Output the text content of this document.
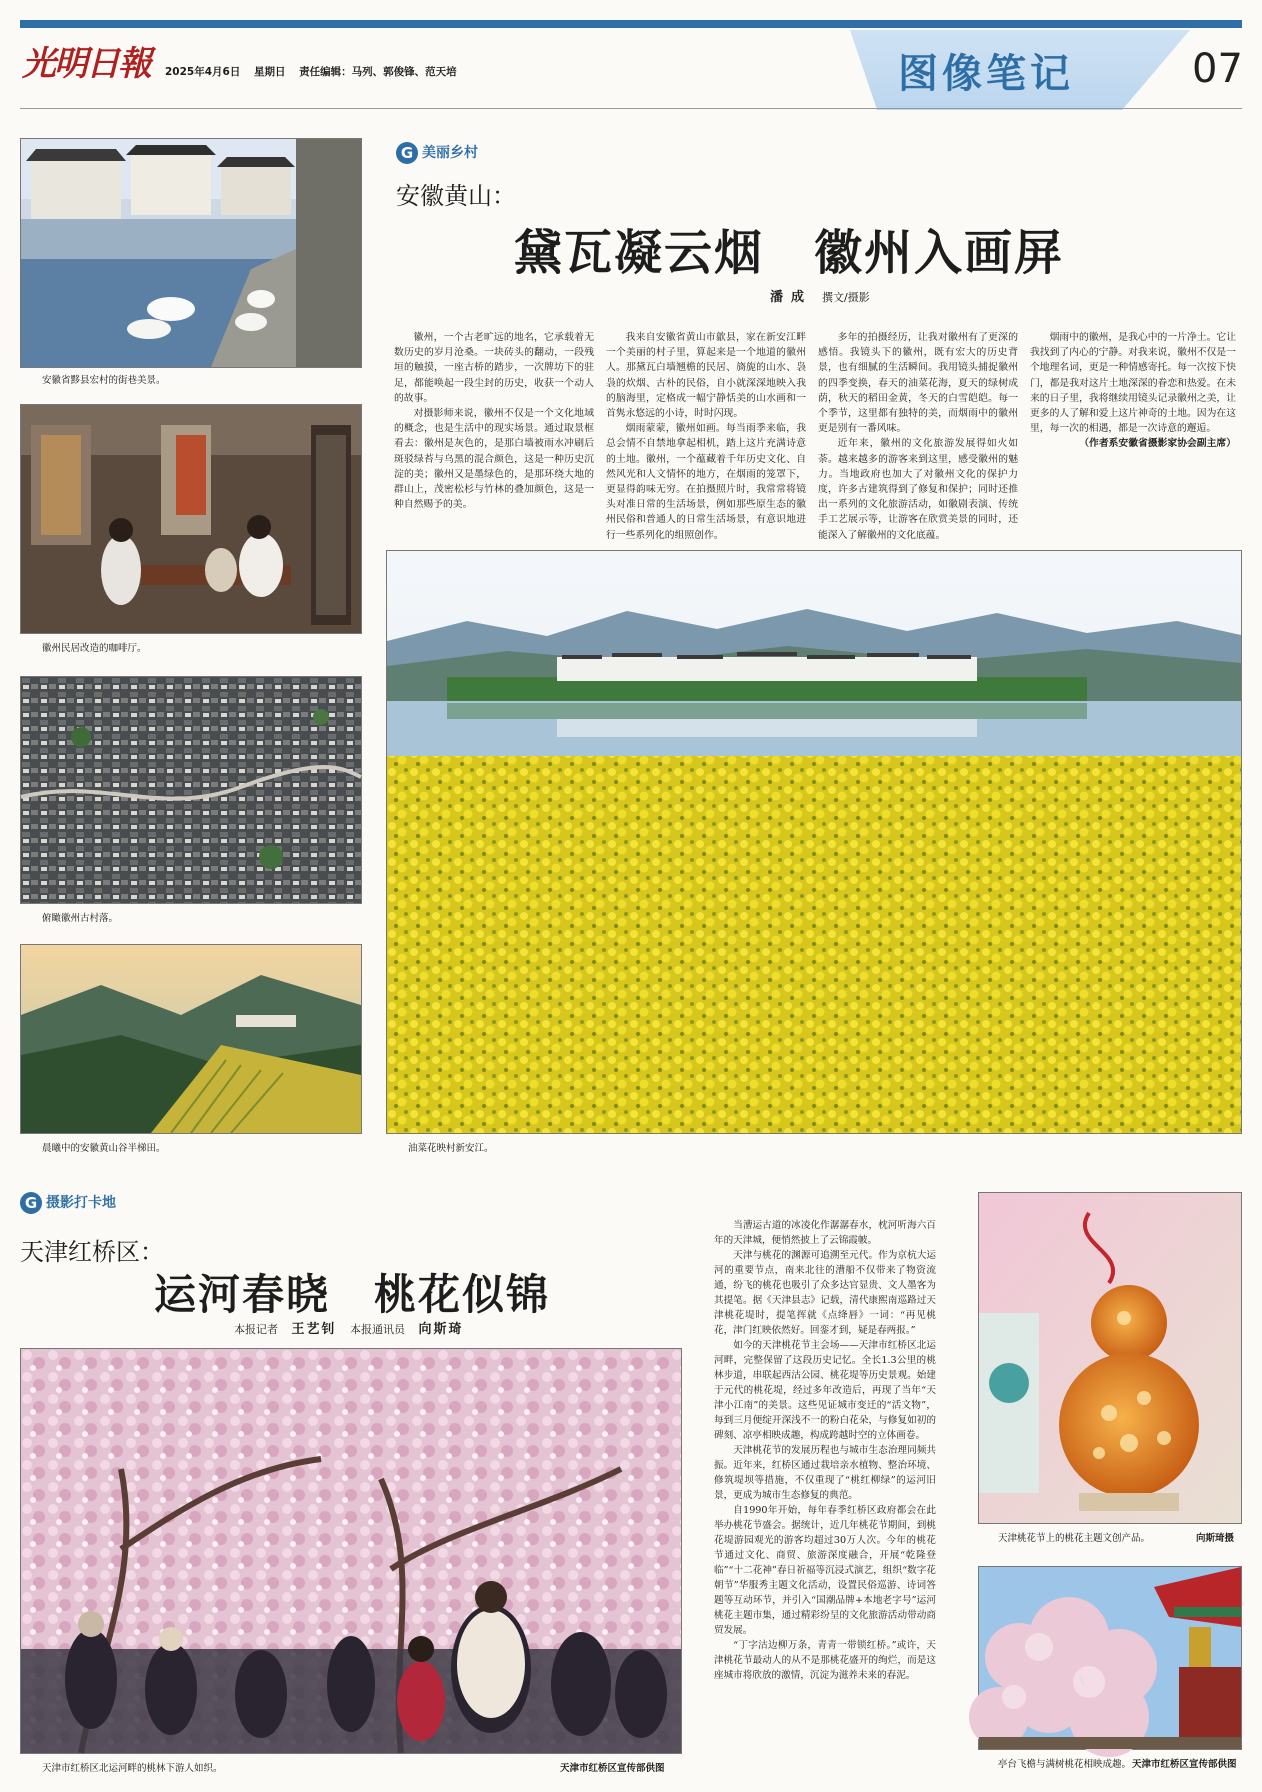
光明日報 2025年4月6日 星期日 责任编辑：马列、郭俊锋、范天培	图像笔记	07
安徽省黟县宏村的街巷美景。
徽州民居改造的咖啡厅。
俯瞰徽州古村落。
晨曦中的安徽黄山谷半梯田。
G 美丽乡村
安徽黄山：
黛瓦凝云烟　徽州入画屏
潘成 撰文/摄影

徽州，一个古老旷远的地名，它承载着无数历史的岁月沧桑。一块砖头的翻动，一段残垣的触摸，一座古桥的踏步，一次牌坊下的驻足，都能唤起一段尘封的历史，收获一个动人的故事。

对摄影师来说，徽州不仅是一个文化地域的概念，也是生活中的现实场景。通过取景框看去：徽州是灰色的，是那白墙被雨水冲刷后斑驳绿苔与乌黑的混合颜色，这是一种历史沉淀的美；徽州又是墨绿色的，是那环绕大地的群山上，茂密松杉与竹林的叠加颜色，这是一种自然赐予的美。

我来自安徽省黄山市歙县，家在新安江畔一个美丽的村子里，算起来是一个地道的徽州人。那黛瓦白墙翘檐的民居、旖旎的山水、袅袅的炊烟、古朴的民俗，自小就深深地映入我的脑海里，定格成一幅宁静恬美的山水画和一首隽永悠远的小诗，时时闪现。

烟雨蒙蒙，徽州如画。每当雨季来临，我总会情不自禁地拿起相机，踏上这片充满诗意的土地。徽州，一个蕴藏着千年历史文化、自然风光和人文情怀的地方，在烟雨的笼罩下，更显得韵味无穷。在拍摄照片时，我常常将镜头对准日常的生活场景，例如那些原生态的徽州民俗和普通人的日常生活场景，有意识地进行一些系列化的组照创作。

多年的拍摄经历，让我对徽州有了更深的感悟。我镜头下的徽州，既有宏大的历史背景，也有细腻的生活瞬间。我用镜头捕捉徽州的四季变换，春天的油菜花海，夏天的绿树成荫，秋天的稻田金黄，冬天的白雪皑皑。每一个季节，这里都有独特的美，而烟雨中的徽州更是别有一番风味。

近年来，徽州的文化旅游发展得如火如荼。越来越多的游客来到这里，感受徽州的魅力。当地政府也加大了对徽州文化的保护力度，许多古建筑得到了修复和保护；同时还推出一系列的文化旅游活动，如徽剧表演、传统手工艺展示等，让游客在欣赏美景的同时，还能深入了解徽州的文化底蕴。

烟雨中的徽州，是我心中的一片净土。它让我找到了内心的宁静。对我来说，徽州不仅是一个地理名词，更是一种情感寄托。每一次按下快门，都是我对这片土地深深的眷恋和热爱。在未来的日子里，我将继续用镜头记录徽州之美，让更多的人了解和爱上这片神奇的土地。因为在这里，每一次的相遇，都是一次诗意的邂逅。

（作者系安徽省摄影家协会副主席）
油菜花映村新安江。
G 摄影打卡地
天津红桥区：
运河春晓　桃花似锦
本报记者 王艺钊 本报通讯员 向斯琦
天津市红桥区北运河畔的桃林下游人如织。	天津市红桥区宣传部供图

当漕运古道的冰凌化作潺潺春水，枕河听海六百年的天津城，便悄然披上了云锦霞帔。

天津与桃花的渊源可追溯至元代。作为京杭大运河的重要节点，南来北往的漕船不仅带来了物资流通，纷飞的桃花也吸引了众多达官显贵、文人墨客为其提笔。据《天津县志》记载，清代康熙南巡路过天津桃花堤时，提笔挥就《点绛唇》一词：“再见桃花，津门红映依然好。回銮才到，疑是春两报。”

如今的天津桃花节主会场——天津市红桥区北运河畔，完整保留了这段历史记忆。全长1.3公里的桃林步道，串联起西沽公园、桃花堤等历史景观。始建于元代的桃花堤，经过多年改造后，再现了当年“天津小江南”的美景。这些见证城市变迁的“活文物”，每到三月便绽开深浅不一的粉白花朵，与修复如初的碑刻、凉亭相映成趣，构成跨越时空的立体画卷。

天津桃花节的发展历程也与城市生态治理同频共振。近年来，红桥区通过栽培亲水植物、整治环境、修筑堤坝等措施，不仅重现了“桃红柳绿”的运河旧景，更成为城市生态修复的典范。

自1990年开始，每年春季红桥区政府都会在此举办桃花节盛会。据统计，近几年桃花节期间，到桃花堤游园观光的游客均超过30万人次。今年的桃花节通过文化、商贸、旅游深度融合，开展“乾隆登临”“十二花神”春日祈福等沉浸式演艺，组织“数字花朝节”华服秀主题文化活动，设置民俗巡游、诗词答题等互动环节，并引入“国潮品牌+本地老字号”运河桃花主题市集，通过精彩纷呈的文化旅游活动带动商贸发展。

“丁字沽边柳万条，青青一带锁红桥。”或许，天津桃花节最动人的从不是那桃花盛开的绚烂，而是这座城市将欣放的激情，沉淀为滋养未来的春泥。

天津桃花节上的桃花主题文创产品。	向斯琦摄
亭台飞檐与满树桃花相映成趣。 天津市红桥区宣传部供图
